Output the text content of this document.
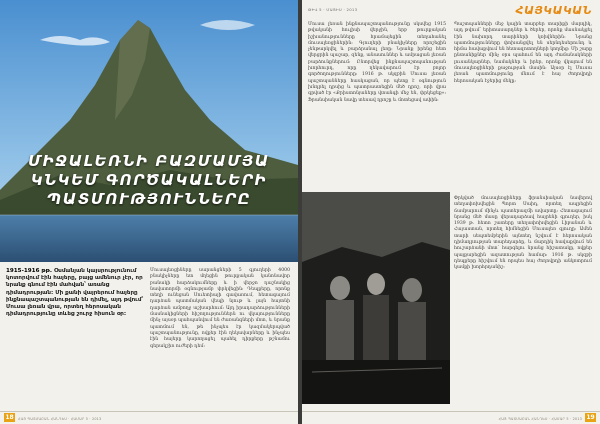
ՄԻՋԱԼԵՌՆԻ ԲԱԶՄԱՄՅԱ
ԿՆԿԵՄ ԳՈՐԾԱԿԱԼՆԵՐԻ
ՊԱՏՄՈՒԹՅՈՒՆՆԵՐԸ
1915-1916 թթ. Օսմանյան կայսրությունում կոտորվում էին հայերը, բայց ամենուր չէր, որ նրանք գնում էին մահվան՝ առանց դիմադրության: Մի քանի վայրերում հայերը ինքնապաշտպանության են դիմել, այդ թվում՝ Մուսա լեռան վրա, որտեղ հերոսական դիմադրությունը տևեց շուրջ հիսուն օր:
Մուսալեռցիները սարանցների 5 գյուղերի 4000 բնակիչները ետ մղեցին թուրքական կանոնավոր բանակի հարձակումները և ի վերջո դաշնակից նավատորմի օգնությամբ փրկվեցին: Դեպքերը, որոնք տեղի ունեցան Սուետիայի գավառում, հետագայում դարձան պատմական վեպի նյութ և լայն հայտնի դարձան ամբողջ աշխարհում: Այդ իրադարձությունների մասնակիցների հիշողություններն ու վկայությունները մինչ այսօր պահպանվում են ժառանգների մոտ, և նրանք պատմում են, թե ինչպես էր կազմակերպված պաշտպանությունը, ովքեր էին ղեկավարները և ինչպես էին հայերը կարողացել պահել դիրքերը թշնամու գերակշիռ ուժերի դեմ:
18	ՀԱՅ ՊԱՏՄԱԲԱՆ ՀԱՆԴԵՍ · ՀԱՄԱՐ 5 · 2013
ԹԻՎ 5 · ՄԱՅԻՍ · 2013	ՀԱՅԿԱԿԱՆ
Մուսա լեռան ինքնապաշտպանությունը սկսվեց 1915 թվականի հուլիսի վերջին, երբ թուրքական իշխանությունները հրամայեցին տեղահանել մուսալեռցիներին: Գյուղերի բնակիչները որոշեցին չենթարկվել և բարձրանալ լեռը: Նրանք իրենց հետ վերցրին պաշար, զենք, անասուններ և ամրացան լեռան բարձունքներում: Ընտրվեց ինքնապաշտպանության խորհուրդ, որը ղեկավարում էր բոլոր գործողությունները: 1916 թ. սկզբին Մուսա լեռան պաշտպանները հասկացան, որ պետք է օգնություն խնդրել դրսից և պատրաստեցին մեծ դրոշ, որի վրա գրված էր «Քրիստոնյաները վտանգի մեջ են, փրկեցեք»: Ֆրանսիական նավը տեսավ դրոշը և մոտեցավ ափին:
Պաշտպանների մեջ կային տարբեր տարիքի մարդիկ, այդ թվում՝ երիտասարդներ և ծերեր, որոնք մասնակցել էին նախորդ տարիների կռիվներին: Նրանց պատմությունները փոխանցվել են սերնդեսերունդ և հիմա հավաքվում են հետազոտողների կողմից: Մի շարք ընտանիքներ մինչ օրս պահում են այդ ժամանակների լուսանկարներ, նամակներ և իրեր, որոնք վկայում են մուսալեռցիների քաջության մասին: Այսօր էլ Մուսա լեռան պատմությունը մնում է հայ ժողովրդի հերոսական էջերից մեկը:
Փրկված մուսալեռցիները ֆրանսիական նավերով տեղափոխվեցին Պորտ Սաիդ, որտեղ ապրեցին ճամբարում մինչև պատերազմի ավարտը: Հետագայում նրանց մեծ մասը վերադարձավ հայրենի գյուղեր, իսկ 1939 թ. հետո շատերը տեղափոխվեցին Լիբանան և Հայաստան, որտեղ հիմնեցին Մուսալեռ գյուղը: Ամեն տարի սեպտեմբերին այնտեղ նշվում է հերոսական դիմադրության տարեդարձը, և մարդիկ հավաքվում են հուշարձանի մոտ՝ հարգելու նրանց հիշատակը, ովքեր պայքարեցին ազատության համար: 1916 թ. սկզբի դեպքերը հիշվում են որպես հայ ժողովրդի անկոտրում կամքի խորհրդանիշ:
19
ՀԱՅ ՊԱՏՄԱԲԱՆ ՀԱՆԴԵՍ · ՀԱՄԱՐ 5 · 2013
